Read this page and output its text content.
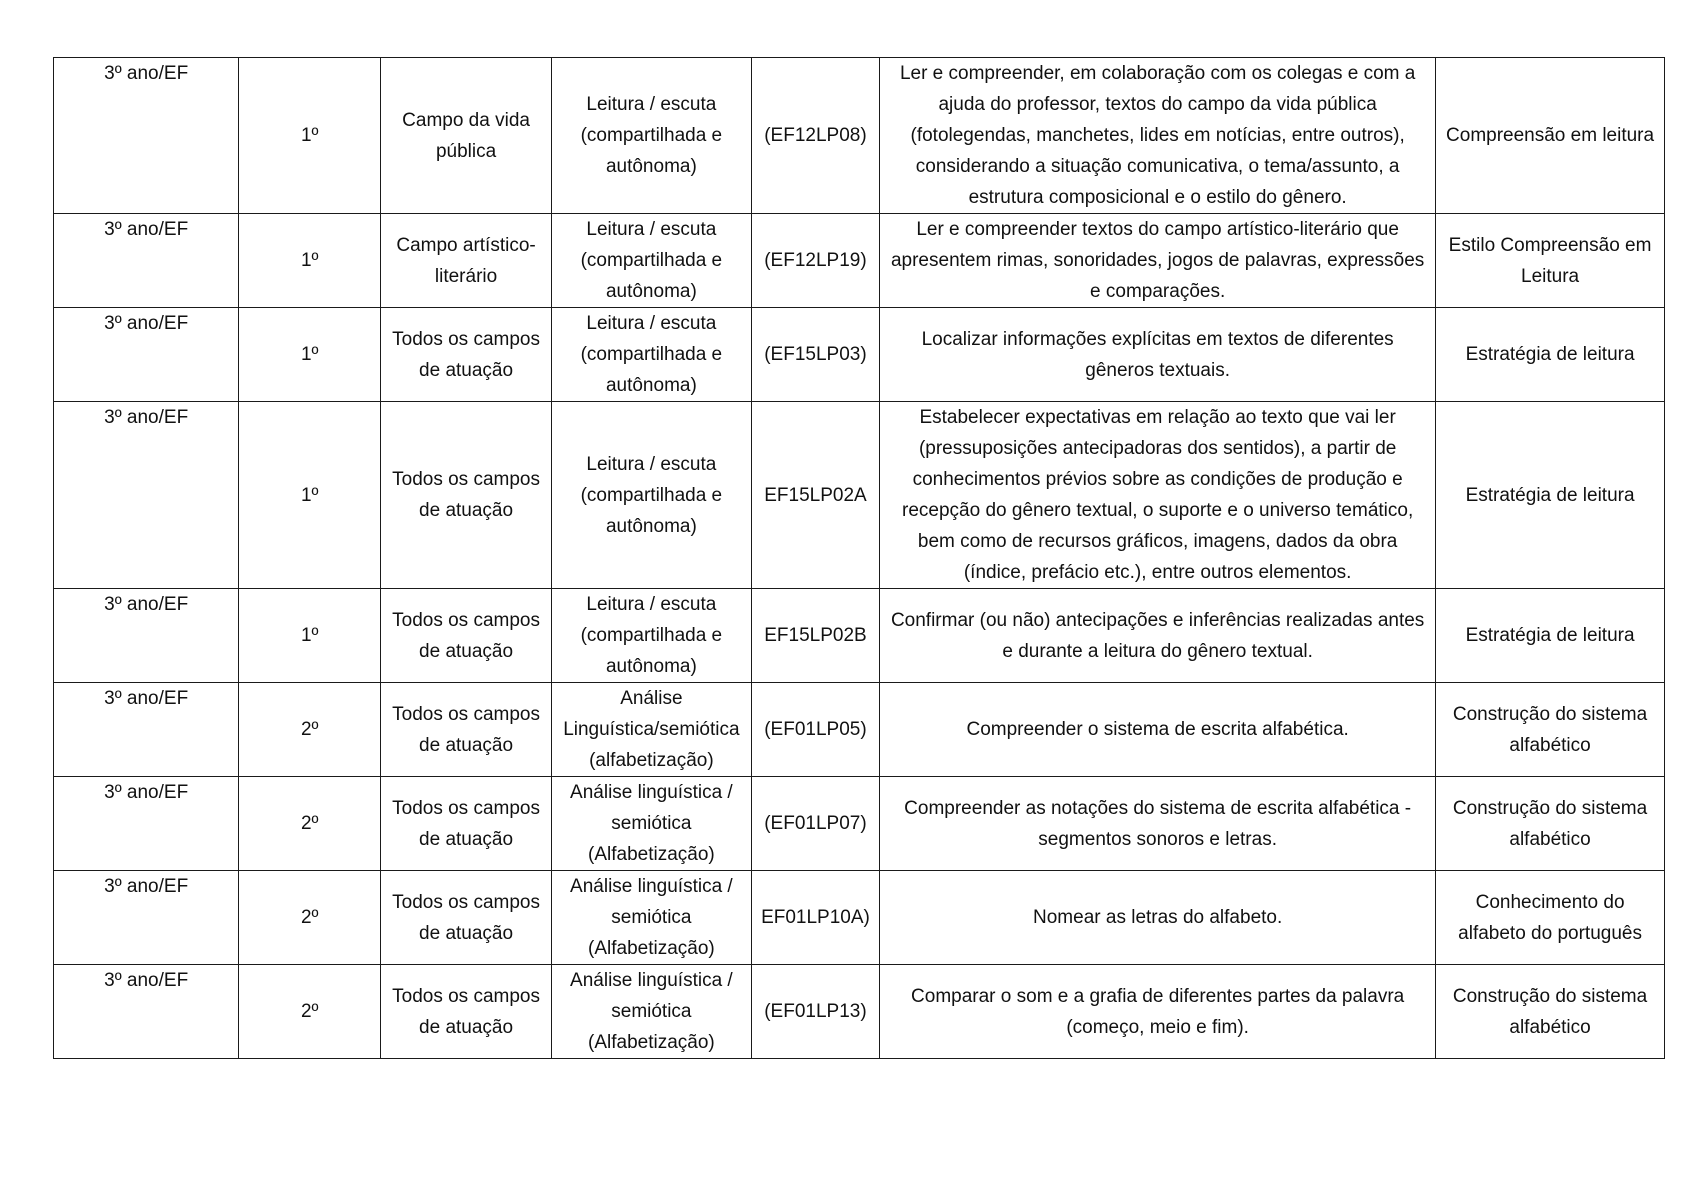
3º ano/EF	1º	Campo da vida pública	Leitura / escuta (compartilhada e autônoma)	(EF12LP08)	Ler e compreender, em colaboração com os colegas e com a ajuda do professor, textos do campo da vida pública (fotolegendas, manchetes, lides em notícias, entre outros), considerando a situação comunicativa, o tema/assunto, a estrutura composicional e o estilo do gênero.	Compreensão em leitura
3º ano/EF	1º	Campo artístico-literário	Leitura / escuta (compartilhada e autônoma)	(EF12LP19)	Ler e compreender textos do campo artístico-literário que apresentem rimas, sonoridades, jogos de palavras, expressões e comparações.	Estilo Compreensão em Leitura
3º ano/EF	1º	Todos os campos de atuação	Leitura / escuta (compartilhada e autônoma)	(EF15LP03)	Localizar informações explícitas em textos de diferentes gêneros textuais.	Estratégia de leitura
3º ano/EF	1º	Todos os campos de atuação	Leitura / escuta (compartilhada e autônoma)	EF15LP02A	Estabelecer expectativas em relação ao texto que vai ler (pressuposições antecipadoras dos sentidos), a partir de conhecimentos prévios sobre as condições de produção e recepção do gênero textual, o suporte e o universo temático, bem como de recursos gráficos, imagens, dados da obra (índice, prefácio etc.), entre outros elementos.	Estratégia de leitura
3º ano/EF	1º	Todos os campos de atuação	Leitura / escuta (compartilhada e autônoma)	EF15LP02B	Confirmar (ou não) antecipações e inferências realizadas antes e durante a leitura do gênero textual.	Estratégia de leitura
3º ano/EF	2º	Todos os campos de atuação	Análise Linguística/semiótica (alfabetização)	(EF01LP05)	Compreender o sistema de escrita alfabética.	Construção do sistema alfabético
3º ano/EF	2º	Todos os campos de atuação	Análise linguística / semiótica (Alfabetização)	(EF01LP07)	Compreender as notações do sistema de escrita alfabética - segmentos sonoros e letras.	Construção do sistema alfabético
3º ano/EF	2º	Todos os campos de atuação	Análise linguística / semiótica (Alfabetização)	EF01LP10A)	Nomear as letras do alfabeto.	Conhecimento do alfabeto do português
3º ano/EF	2º	Todos os campos de atuação	Análise linguística / semiótica (Alfabetização)	(EF01LP13)	Comparar o som e a grafia de diferentes partes da palavra (começo, meio e fim).	Construção do sistema alfabético
